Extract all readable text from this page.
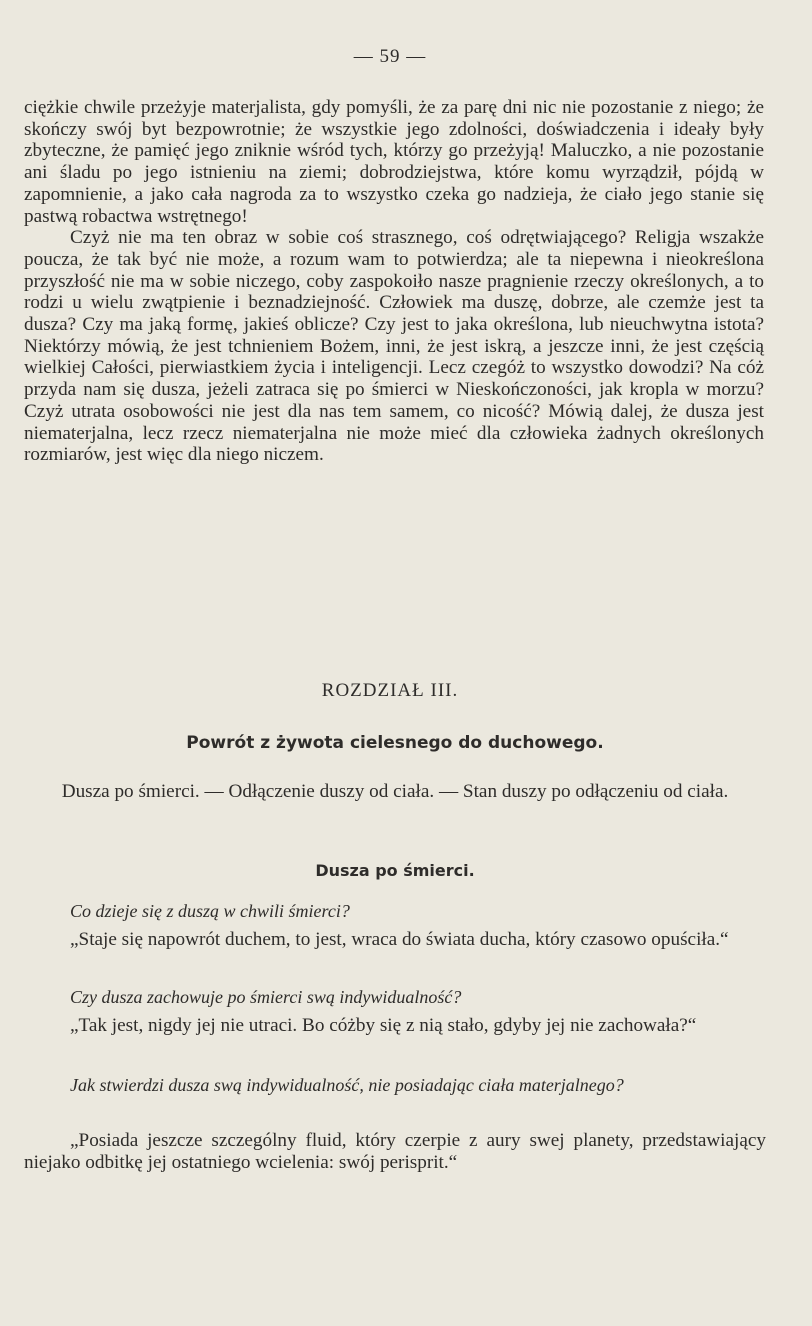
— 59 —

ciężkie chwile przeżyje materjalista, gdy pomyśli, że za parę dni nic nie pozostanie z niego; że skończy swój byt bezpowrotnie; że wszystkie jego zdolności, doświadczenia i ideały były zbyteczne, że pamięć jego zniknie wśród tych, którzy go przeżyją! Maluczko, a nie pozostanie ani śladu po jego istnieniu na ziemi; dobrodziejstwa, które komu wyrządził, pójdą w zapomnienie, a jako cała nagroda za to wszystko czeka go nadzieja, że ciało jego stanie się pastwą robactwa wstrętnego!

Czyż nie ma ten obraz w sobie coś strasznego, coś odrętwiającego? Religja wszakże poucza, że tak być nie może, a rozum wam to potwierdza; ale ta niepewna i nieokreślona przyszłość nie ma w sobie niczego, coby zaspokoiło nasze pragnienie rzeczy określonych, a to rodzi u wielu zwątpienie i beznadziejność. Człowiek ma duszę, dobrze, ale czemże jest ta dusza? Czy ma jaką formę, jakieś oblicze? Czy jest to jaka określona, lub nieuchwytna istota? Niektórzy mówią, że jest tchnieniem Bożem, inni, że jest iskrą, a jeszcze inni, że jest częścią wielkiej Całości, pierwiastkiem życia i inteligencji. Lecz czegóż to wszystko dowodzi? Na cóż przyda nam się dusza, jeżeli zatraca się po śmierci w Nieskończoności, jak kropla w morzu? Czyż utrata osobowości nie jest dla nas tem samem, co nicość? Mówią dalej, że dusza jest niematerjalna, lecz rzecz niematerjalna nie może mieć dla człowieka żadnych określonych rozmiarów, jest więc dla niego niczem.

ROZDZIAŁ III.
Powrót z żywota cielesnego do duchowego.
Dusza po śmierci. — Odłączenie duszy od ciała. — Stan duszy po odłączeniu od ciała.
Dusza po śmierci.
Co dzieje się z duszą w chwili śmierci?
„Staje się napowrót duchem, to jest, wraca do świata ducha, który czasowo opuściła.“
Czy dusza zachowuje po śmierci swą indywidualność?
„Tak jest, nigdy jej nie utraci. Bo cóżby się z nią stało, gdyby jej nie zachowała?“
Jak stwierdzi dusza swą indywidualność, nie posiadając ciała materjalnego?
„Posiada jeszcze szczególny fluid, który czerpie z aury swej planety, przedstawiający niejako odbitkę jej ostatniego wcielenia: swój perisprit.“
